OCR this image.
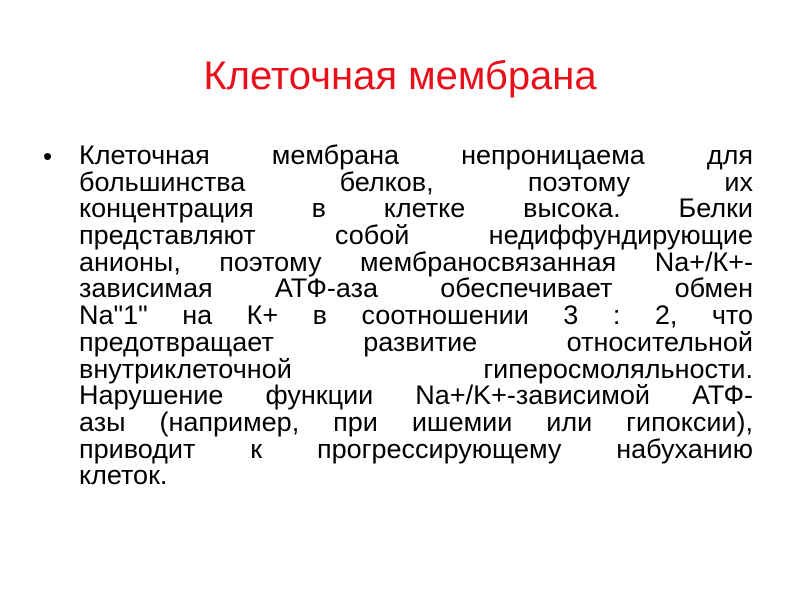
Клеточная мембрана
• Клеточная мембрана непроницаема для
большинства белков, поэтому их
концентрация в клетке высока. Белки
представляют собой недиффундирующие
анионы, поэтому мембраносвязанная Na+/К+-
зависимая АТФ-аза обеспечивает обмен
Na"1" на К+ в соотношении 3 : 2, что
предотвращает развитие относительной
внутриклеточной гиперосмоляльности.
Нарушение функции Na+/K+-зависимой АТФ-
азы (например, при ишемии или гипоксии),
приводит к прогрессирующему набуханию
клеток.
